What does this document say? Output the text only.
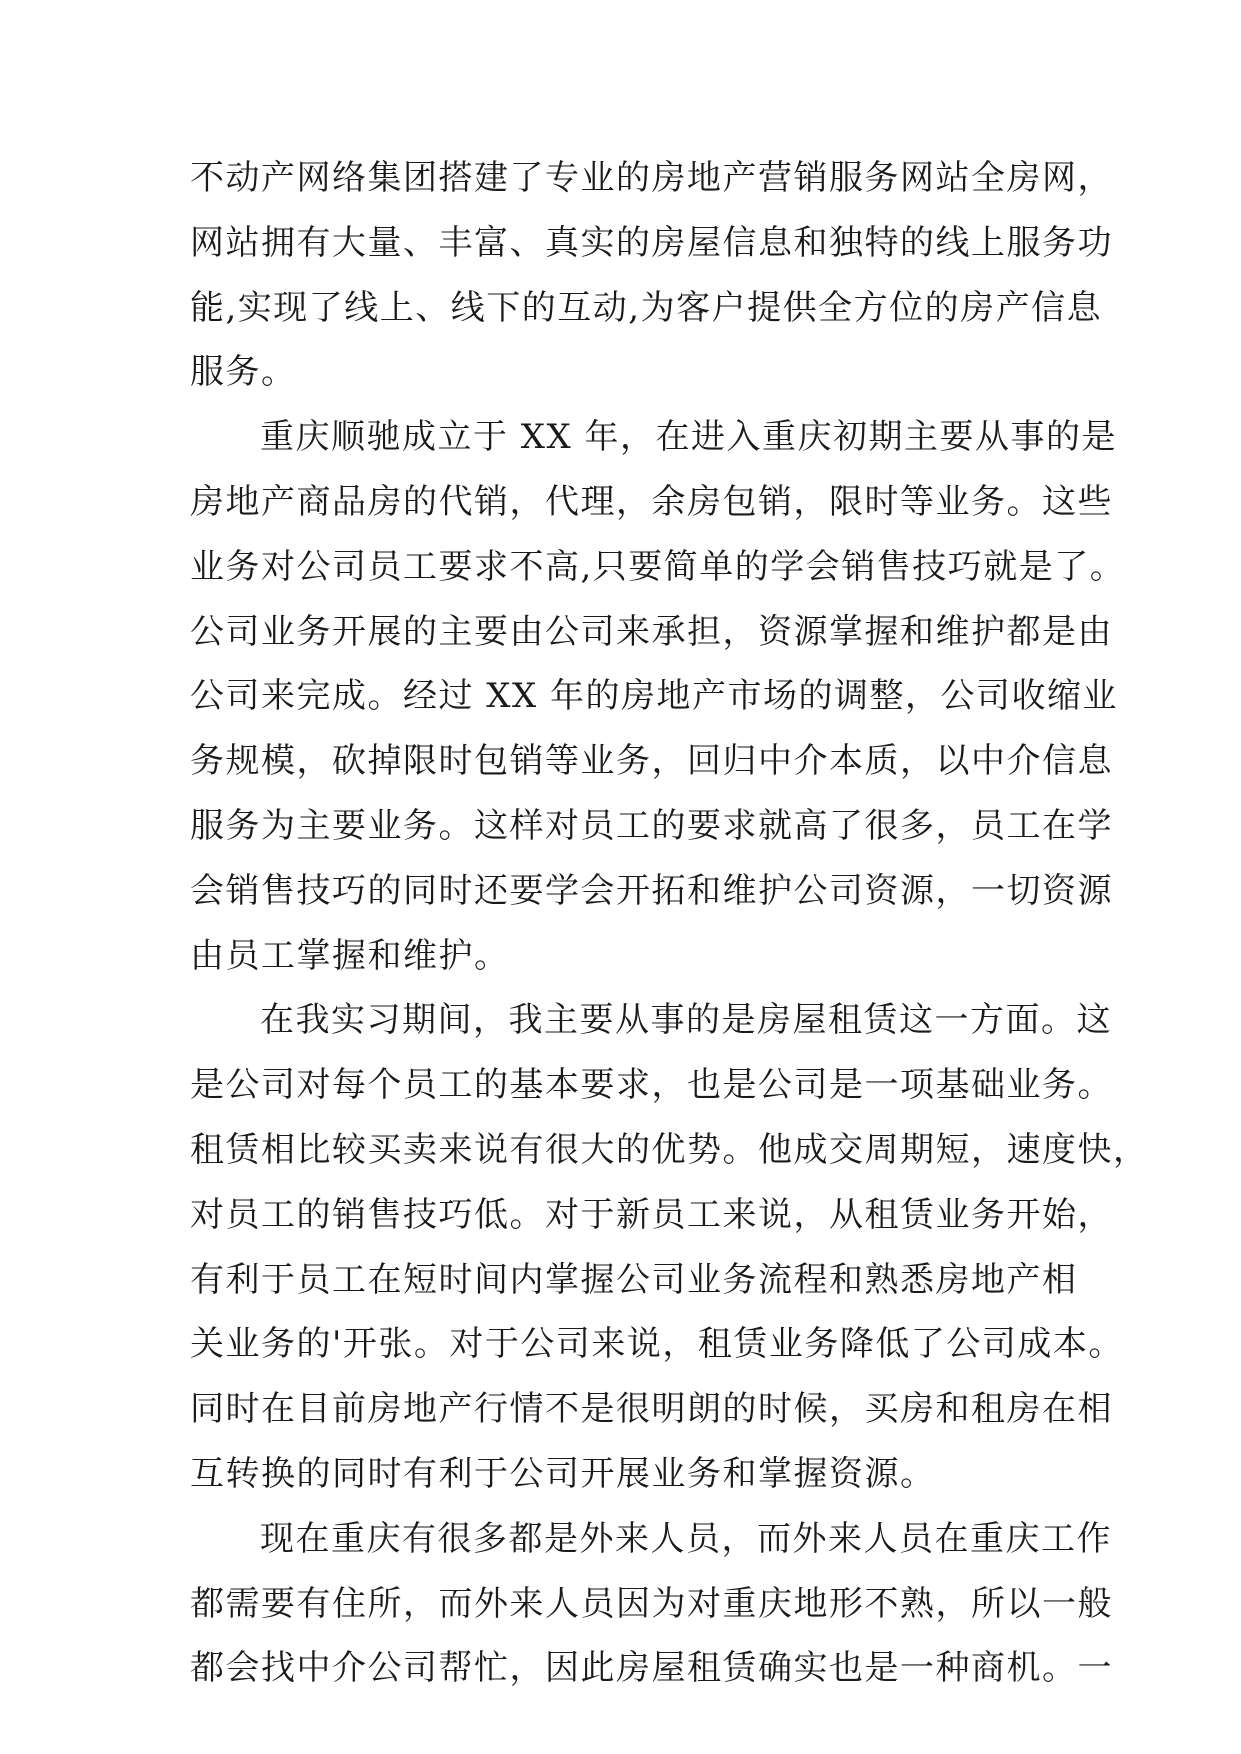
不动产网络集团搭建了专业的房地产营销服务网站全房网，
网站拥有大量、丰富、真实的房屋信息和独特的线上服务功
能,实现了线上、线下的互动,为客户提供全方位的房产信息
服务。
重庆顺驰成立于 XX 年，在进入重庆初期主要从事的是
房地产商品房的代销，代理，余房包销，限时等业务。这些
业务对公司员工要求不高,只要简单的学会销售技巧就是了。
公司业务开展的主要由公司来承担，资源掌握和维护都是由
公司来完成。经过 XX 年的房地产市场的调整，公司收缩业
务规模，砍掉限时包销等业务，回归中介本质，以中介信息
服务为主要业务。这样对员工的要求就高了很多，员工在学
会销售技巧的同时还要学会开拓和维护公司资源，一切资源
由员工掌握和维护。
在我实习期间，我主要从事的是房屋租赁这一方面。这
是公司对每个员工的基本要求，也是公司是一项基础业务。
租赁相比较买卖来说有很大的优势。他成交周期短，速度快，
对员工的销售技巧低。对于新员工来说，从租赁业务开始，
有利于员工在短时间内掌握公司业务流程和熟悉房地产相
关业务的'开张。对于公司来说，租赁业务降低了公司成本。
同时在目前房地产行情不是很明朗的时候，买房和租房在相
互转换的同时有利于公司开展业务和掌握资源。
现在重庆有很多都是外来人员，而外来人员在重庆工作
都需要有住所，而外来人员因为对重庆地形不熟，所以一般
都会找中介公司帮忙，因此房屋租赁确实也是一种商机。一
